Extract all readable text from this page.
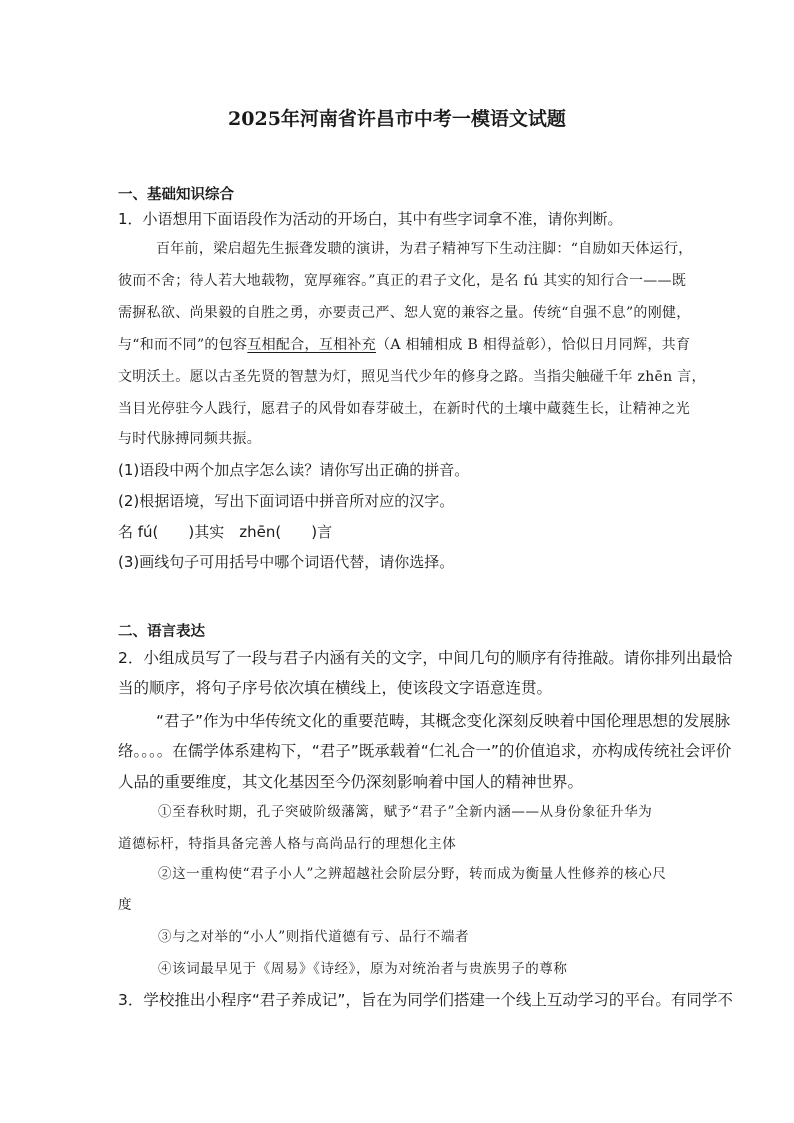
2025年河南省许昌市中考一模语文试题
一、基础知识综合
1．小语想用下面语段作为活动的开场白，其中有些字词拿不准，请你判断。
百年前，梁启超先生振聋发聩的演讲，为君子精神写下生动注脚：“自励如天体运行，
彼而不舍；待人若大地载物，宽厚雍容。”真正的君子文化，是名 fú 其实的知行合一——既
需摒私欲、尚果毅的自胜之勇，亦要责己严、恕人宽的兼容之量。传统“自强不息”的刚健，
与“和而不同”的包容互相配合，互相补充（A 相辅相成 B 相得益彰），恰似日月同辉，共育
文明沃土。愿以古圣先贤的智慧为灯，照见当代少年的修身之路。当指尖触碰千年 zhēn 言，
当目光停驻今人践行，愿君子的风骨如春芽破土，在新时代的土壤中蔵蕤生长，让精神之光
与时代脉搏同频共振。
(1)语段中两个加点字怎么读？请你写出正确的拼音。
(2)根据语境，写出下面词语中拼音所对应的汉字。
名 fú(　　)其实　zhēn(　　)言
(3)画线句子可用括号中哪个词语代替，请你选择。
二、语言表达
2．小组成员写了一段与君子内涵有关的文字，中间几句的顺序有待推敲。请你排列出最恰
当的顺序，将句子序号依次填在横线上，使该段文字语意连贯。
“君子”作为中华传统文化的重要范畴，其概念变化深刻反映着中国伦理思想的发展脉
络。。。。在儒学体系建构下，“君子”既承载着“仁礼合一”的价值追求，亦构成传统社会评价
人品的重要维度，其文化基因至今仍深刻影响着中国人的精神世界。
①至春秋时期，孔子突破阶级藩篱，赋予“君子”全新内涵——从身份象征升华为
道德标杆，特指具备完善人格与高尚品行的理想化主体
②这一重构使“君子小人”之辨超越社会阶层分野，转而成为衡量人性修养的核心尺
度
③与之对举的“小人”则指代道德有亏、品行不端者
④该词最早见于《周易》《诗经》，原为对统治者与贵族男子的尊称
3．学校推出小程序“君子养成记”，旨在为同学们搭建一个线上互动学习的平台。有同学不
